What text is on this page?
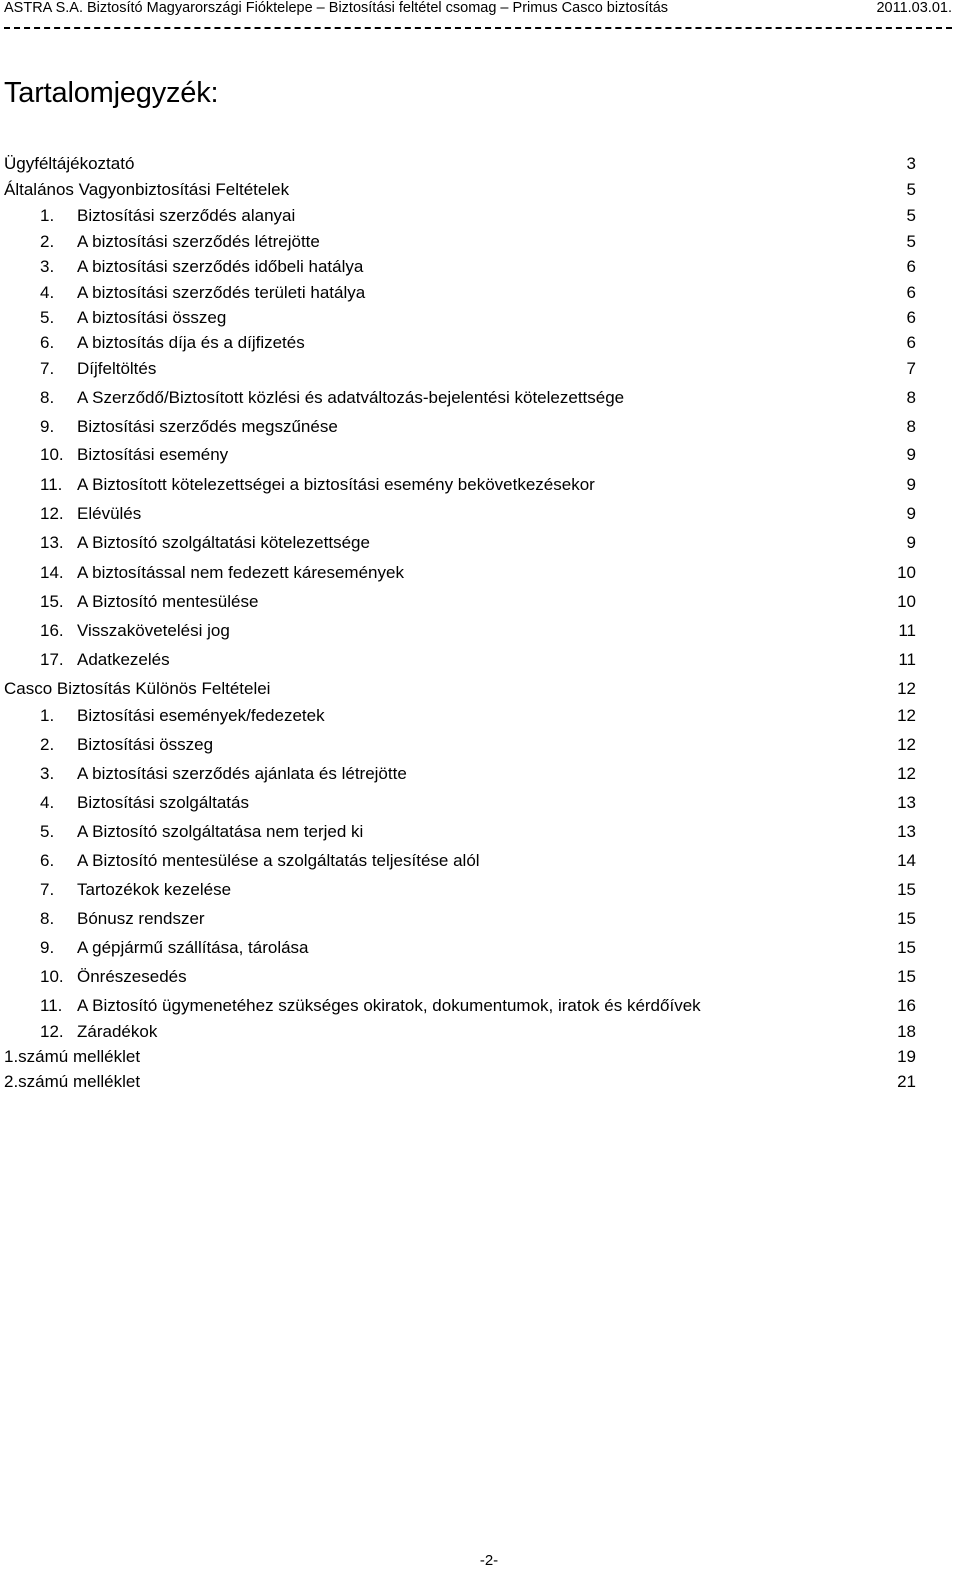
ASTRA S.A. Biztosító Magyarországi Fióktelepe – Biztosítási feltétel csomag – Primus Casco biztosítás	2011.03.01.
Tartalomjegyzék:
Ügyféltájékoztató	3
Általános Vagyonbiztosítási Feltételek	5
1. Biztosítási szerződés alanyai	5
2. A biztosítási szerződés létrejötte	5
3. A biztosítási szerződés időbeli hatálya	6
4. A biztosítási szerződés területi hatálya	6
5. A biztosítási összeg	6
6. A biztosítás díja és a díjfizetés	6
7. Díjfeltöltés	7
8. A Szerződő/Biztosított közlési és adatváltozás-bejelentési kötelezettsége	8
9. Biztosítási szerződés megszűnése	8
10. Biztosítási esemény	9
11. A Biztosított kötelezettségei a biztosítási esemény bekövetkezésekor	9
12. Elévülés	9
13. A Biztosító szolgáltatási kötelezettsége	9
14. A biztosítással nem fedezett káresemények	10
15. A Biztosító mentesülése	10
16. Visszakövetelési jog	11
17. Adatkezelés	11
Casco Biztosítás Különös Feltételei	12
1. Biztosítási események/fedezetek	12
2. Biztosítási összeg	12
3. A biztosítási szerződés ajánlata és létrejötte	12
4. Biztosítási szolgáltatás	13
5. A Biztosító szolgáltatása nem terjed ki	13
6. A Biztosító mentesülése a szolgáltatás teljesítése alól	14
7. Tartozékok kezelése	15
8. Bónusz rendszer	15
9. A gépjármű szállítása, tárolása	15
10. Önrészesedés	15
11. A Biztosító ügymenetéhez szükséges okiratok, dokumentumok, iratok és kérdőívek	16
12. Záradékok	18
1.számú melléklet	19
2.számú melléklet	21
-2-
